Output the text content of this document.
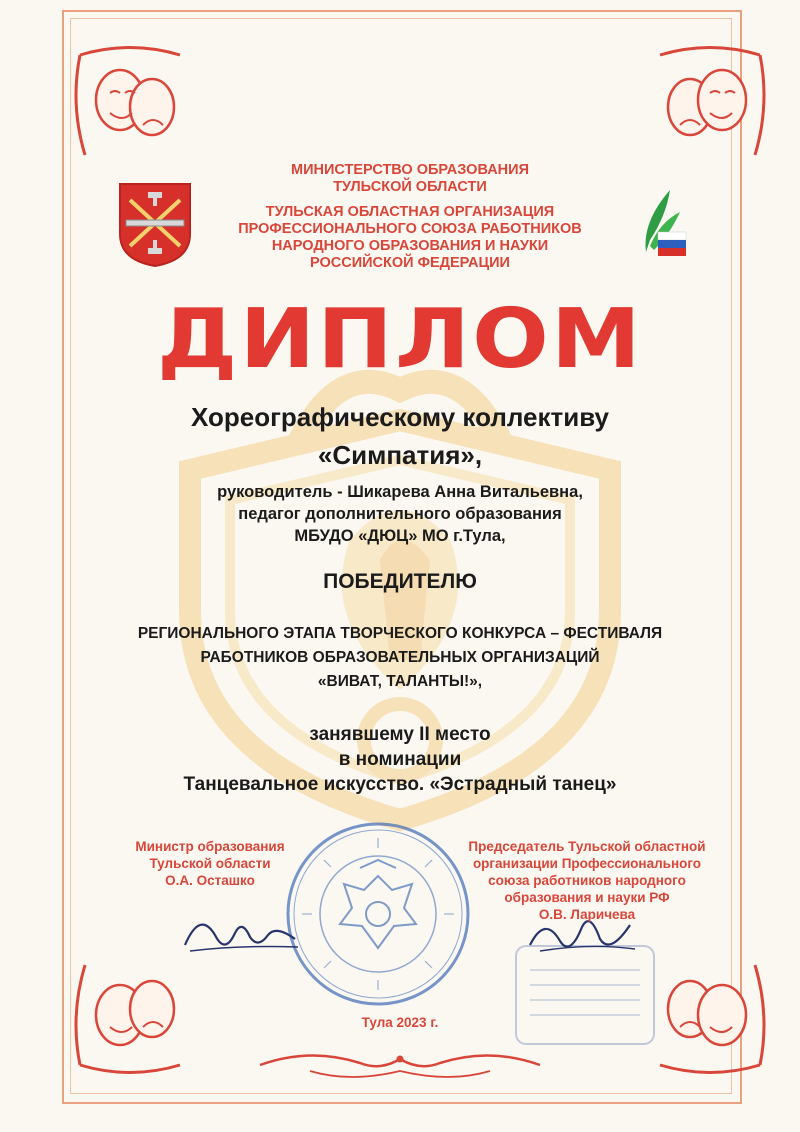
МИНИСТЕРСТВО ОБРАЗОВАНИЯ
ТУЛЬСКОЙ ОБЛАСТИ
ТУЛЬСКАЯ ОБЛАСТНАЯ ОРГАНИЗАЦИЯ
ПРОФЕССИОНАЛЬНОГО СОЮЗА РАБОТНИКОВ
НАРОДНОГО ОБРАЗОВАНИЯ И НАУКИ
РОССИЙСКОЙ ФЕДЕРАЦИИ
ДИПЛОМ
Хореографическому коллективу
«Симпатия»,
руководитель - Шикарева Анна Витальевна,
педагог дополнительного образования
МБУДО «ДЮЦ» МО г.Тула,
ПОБЕДИТЕЛЮ
РЕГИОНАЛЬНОГО ЭТАПА ТВОРЧЕСКОГО КОНКУРСА – ФЕСТИВАЛЯ
РАБОТНИКОВ ОБРАЗОВАТЕЛЬНЫХ ОРГАНИЗАЦИЙ
«ВИВАТ, ТАЛАНТЫ!»,
занявшему II место
в номинации
Танцевальное искусство. «Эстрадный танец»
Министр образования
Тульской области
О.А. Осташко
Председатель Тульской областной
организации Профессионального
союза работников народного
образования и науки РФ
О.В. Ларичева
Тула 2023 г.
